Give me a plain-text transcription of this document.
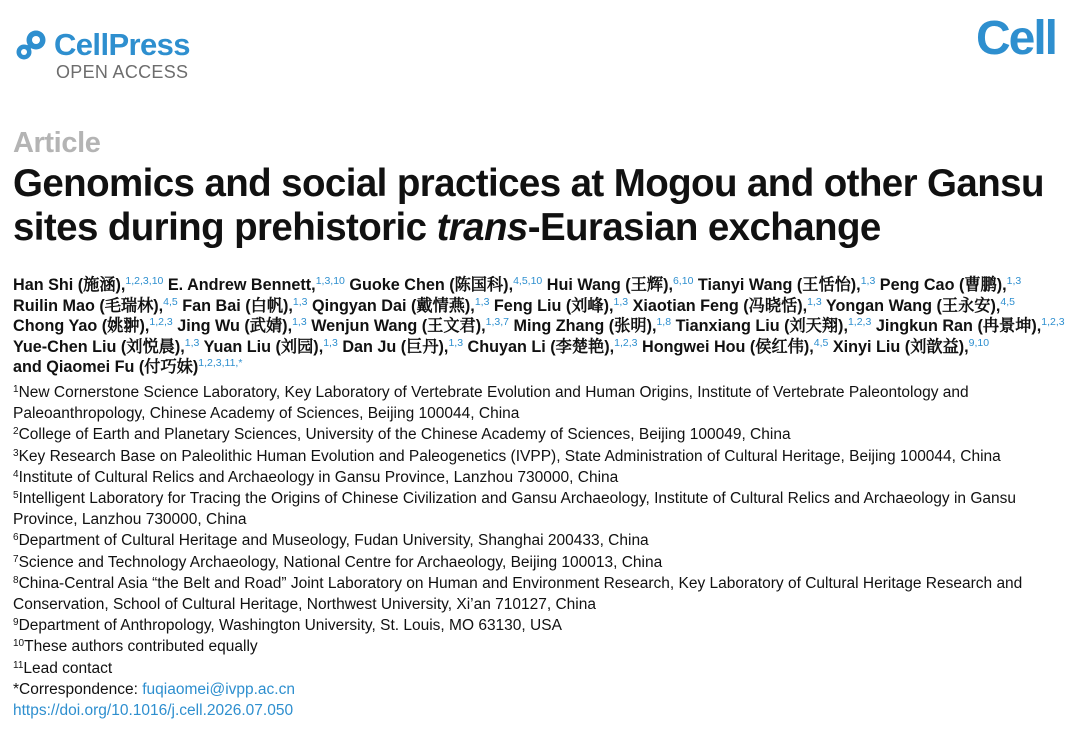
CellPress
OPEN ACCESS
Cell
Article
Genomics and social practices at Mogou and other Gansu sites during prehistoric trans-Eurasian exchange
Han Shi (施涵),$^{1,2,3,10}$ E. Andrew Bennett,$^{1,3,10}$ Guoke Chen (陈国科),$^{4,5,10}$ Hui Wang (王辉),$^{6,10}$ Tianyi Wang (王恬怡),$^{1,3}$ Peng Cao (曹鹏),$^{1,3}$ Ruilin Mao (毛瑞林),$^{4,5}$ Fan Bai (白帆),$^{1,3}$ Qingyan Dai (戴情燕),$^{1,3}$ Feng Liu (刘峰),$^{1,3}$ Xiaotian Feng (冯晓恬),$^{1,3}$ Yongan Wang (王永安),$^{4,5}$ Chong Yao (姚翀),$^{1,2,3}$ Jing Wu (武婧),$^{1,3}$ Wenjun Wang (王文君),$^{1,3,7}$ Ming Zhang (张明),$^{1,8}$ Tianxiang Liu (刘天翔),$^{1,2,3}$ Jingkun Ran (冉景坤),$^{1,2,3}$ Yue-Chen Liu (刘悦晨),$^{1,3}$ Yuan Liu (刘园),$^{1,3}$ Dan Ju (巨丹),$^{1,3}$ Chuyan Li (李楚艳),$^{1,2,3}$ Hongwei Hou (侯红伟),$^{4,5}$ Xinyi Liu (刘歆益),$^{9,10}$ and Qiaomei Fu (付巧妹)$^{1,2,3,11,*}$

$^1$New Cornerstone Science Laboratory, Key Laboratory of Vertebrate Evolution and Human Origins, Institute of Vertebrate Paleontology and Paleoanthropology, Chinese Academy of Sciences, Beijing 100044, China

$^2$College of Earth and Planetary Sciences, University of the Chinese Academy of Sciences, Beijing 100049, China

$^3$Key Research Base on Paleolithic Human Evolution and Paleogenetics (IVPP), State Administration of Cultural Heritage, Beijing 100044, China

$^4$Institute of Cultural Relics and Archaeology in Gansu Province, Lanzhou 730000, China

$^5$Intelligent Laboratory for Tracing the Origins of Chinese Civilization and Gansu Archaeology, Institute of Cultural Relics and Archaeology in Gansu Province, Lanzhou 730000, China

$^6$Department of Cultural Heritage and Museology, Fudan University, Shanghai 200433, China

$^7$Science and Technology Archaeology, National Centre for Archaeology, Beijing 100013, China

$^8$China-Central Asia “the Belt and Road” Joint Laboratory on Human and Environment Research, Key Laboratory of Cultural Heritage Research and Conservation, School of Cultural Heritage, Northwest University, Xi’an 710127, China

$^9$Department of Anthropology, Washington University, St. Louis, MO 63130, USA

$^{10}$These authors contributed equally

$^{11}$Lead contact

*Correspondence: fuqiaomei@ivpp.ac.cn

https://doi.org/10.1016/j.cell.2026.07.050
